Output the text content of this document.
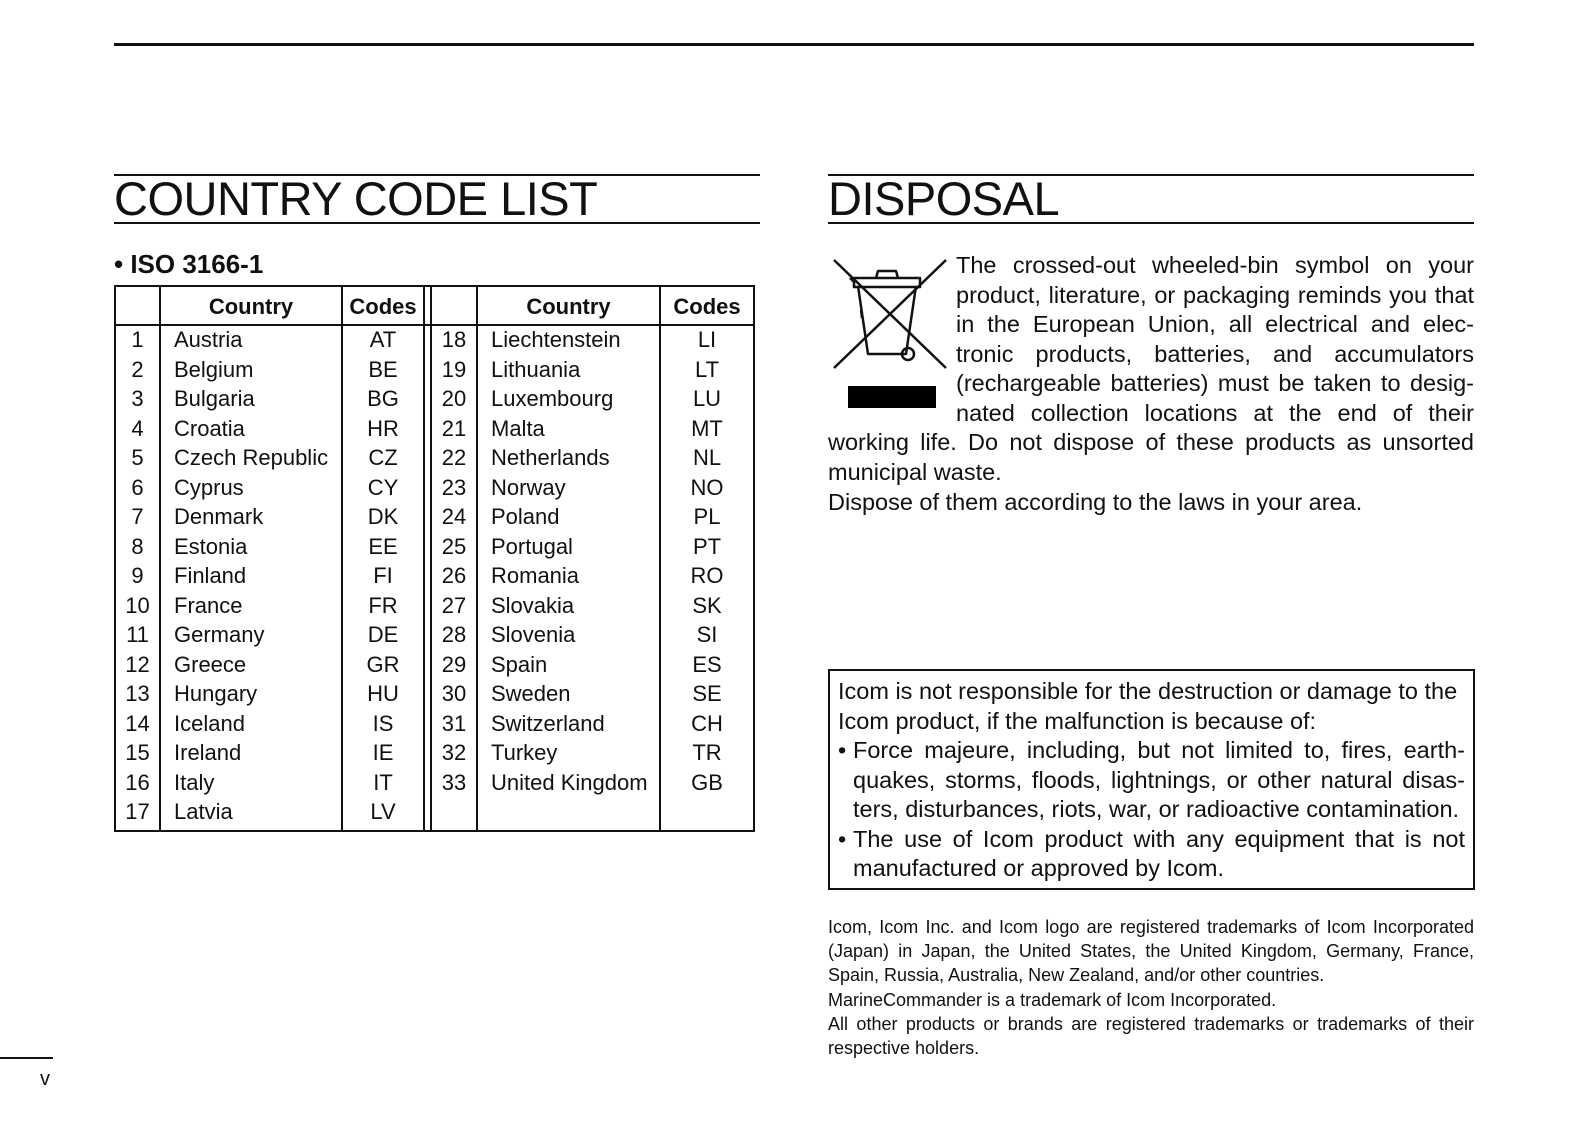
COUNTRY CODE LIST
• ISO 3166-1
Country	Codes	Country	Codes
1	Austria	AT
2	Belgium	BE
3	Bulgaria	BG
4	Croatia	HR
5	Czech Republic	CZ
6	Cyprus	CY
7	Denmark	DK
8	Estonia	EE
9	Finland	FI
10	France	FR
11	Germany	DE
12	Greece	GR
13	Hungary	HU
14	Iceland	IS
15	Ireland	IE
16	Italy	IT
17	Latvia	LV
18	Liechtenstein	LI
19	Lithuania	LT
20	Luxembourg	LU
21	Malta	MT
22	Netherlands	NL
23	Norway	NO
24	Poland	PL
25	Portugal	PT
26	Romania	RO
27	Slovakia	SK
28	Slovenia	SI
29	Spain	ES
30	Sweden	SE
31	Switzerland	CH
32	Turkey	TR
33	United Kingdom	GB
DISPOSAL

The crossed-out wheeled-bin symbol on your product, literature, or packaging reminds you that in the European Union, all electrical and electronic products, batteries, and accumulators (rechargeable batteries) must be taken to designated collection locations at the end of their working life. Do not dispose of these products as unsorted municipal waste.

Dispose of them according to the laws in your area.

Icom is not responsible for the destruction or damage to the Icom product, if the malfunction is because of:

• Force majeure, including, but not limited to, fires, earthquakes, storms, floods, lightnings, or other natural disasters, disturbances, riots, war, or radioactive contamination.
• The use of Icom product with any equipment that is not manufactured or approved by Icom.

Icom, Icom Inc. and Icom logo are registered trademarks of Icom Incorporated (Japan) in Japan, the United States, the United Kingdom, Germany, France, Spain, Russia, Australia, New Zealand, and/or other countries.

MarineCommander is a trademark of Icom Incorporated.

All other products or brands are registered trademarks or trademarks of their respective holders.

v
